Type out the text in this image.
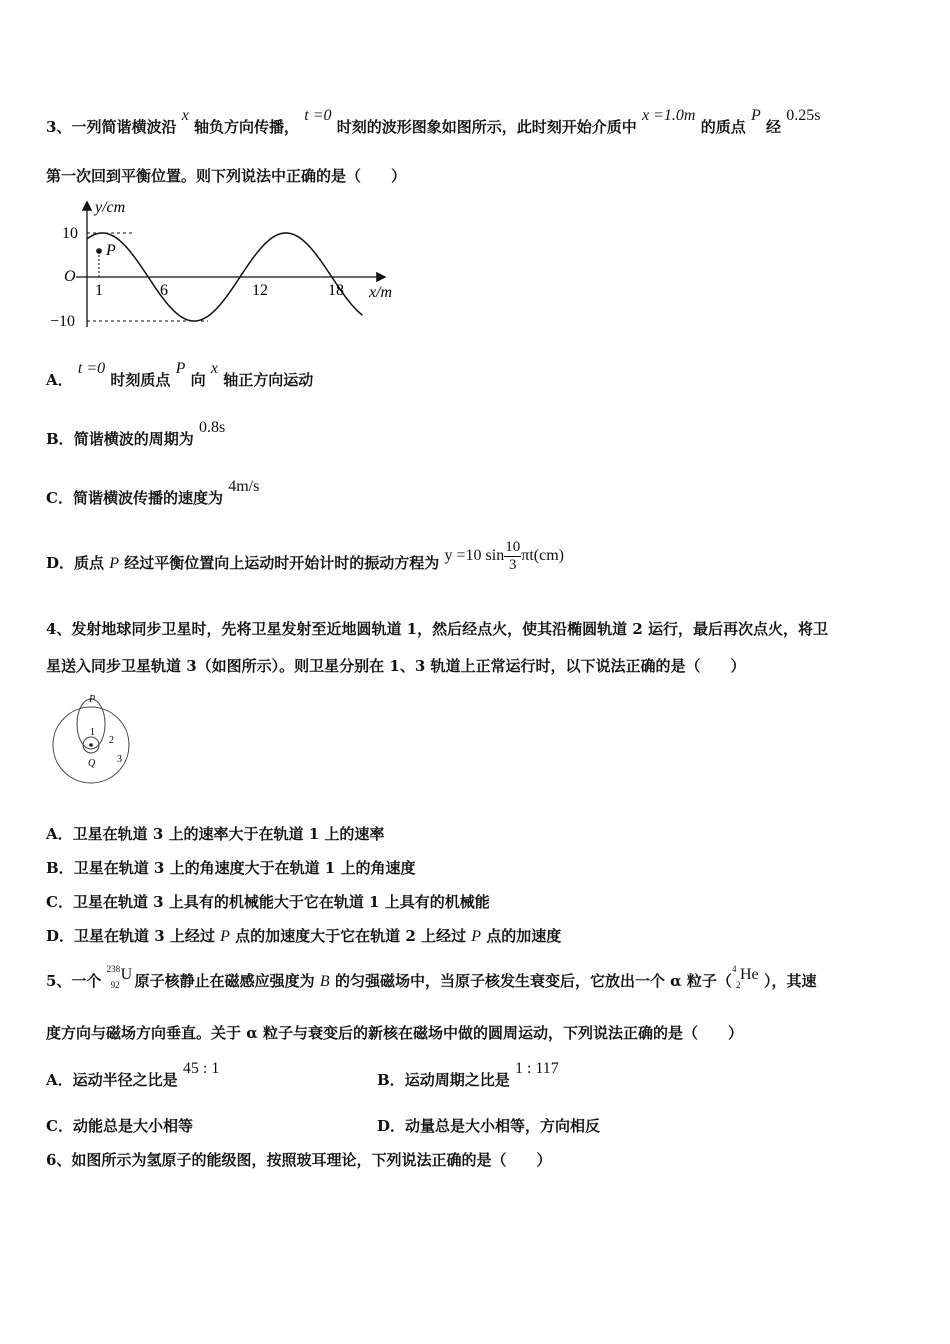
3、一列简谐横波沿 x 轴负方向传播， t =0 时刻的波形图象如图所示，此时刻开始介质中 x =1.0m 的质点 P 经 0.25s
第一次回到平衡位置。则下列说法中正确的是（　　）
P
y/cm
x/m
O
10
−10
1	6	12	18
A． t =0 时刻质点 P 向 x 轴正方向运动
B．简谐横波的周期为 0.8s
C．简谐横波传播的速度为 4m/s
D．质点 P 经过平衡位置向上运动时开始计时的振动方程为 y =10 $\sin \frac{10}{3} \pi t(cm)$
4、发射地球同步卫星时，先将卫星发射至近地圆轨道 1，然后经点火，使其沿椭圆轨道 2 运行，最后再次点火，将卫
星送入同步卫星轨道 3（如图所示）。则卫星分别在 1、3 轨道上正常运行时，以下说法正确的是（　　）
P
Q
1
2
3
A．卫星在轨道 3 上的速率大于在轨道 1 上的速率
B．卫星在轨道 3 上的角速度大于在轨道 1 上的角速度
C．卫星在轨道 3 上具有的机械能大于它在轨道 1 上具有的机械能
D．卫星在轨道 3 上经过 P 点的加速度大于它在轨道 2 上经过 P 点的加速度
5、一个
238
92
U 原子核静止在磁感应强度为 B 的匀强磁场中，当原子核发生衰变后，它放出一个 α 粒子（
4
2
He ），其速
度方向与磁场方向垂直。关于 α 粒子与衰变后的新核在磁场中做的圆周运动，下列说法正确的是（　　）
A．运动半径之比是 45 : 1
B．运动周期之比是 1 : 117
C．动能总是大小相等	D．动量总是大小相等，方向相反
6、如图所示为氢原子的能级图，按照玻耳理论，下列说法正确的是（　　）
